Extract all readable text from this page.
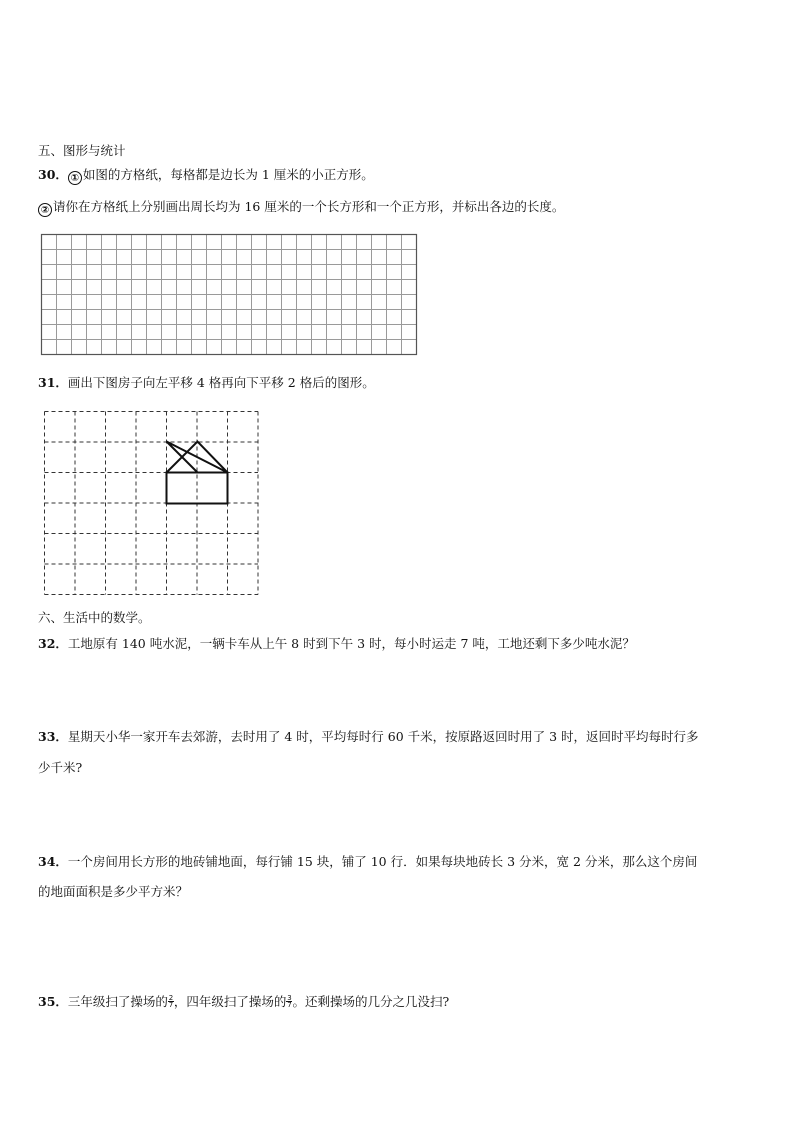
五、图形与统计
30． ① 如图的方格纸，每格都是边长为 1 厘米的小正方形。
② 请你在方格纸上分别画出周长均为 16 厘米的一个长方形和一个正方形，并标出各边的长度。
31．画出下图房子向左平移 4 格再向下平移 2 格后的图形。
六、生活中的数学。
32．工地原有 140 吨水泥，一辆卡车从上午 8 时到下午 3 时，每小时运走 7 吨，工地还剩下多少吨水泥？
33．星期天小华一家开车去郊游，去时用了 4 时，平均每时行 60 千米，按原路返回时用了 3 时，返回时平均每时行多
少千米?
34．一个房间用长方形的地砖铺地面，每行铺 15 块，铺了 10 行．如果每块地砖长 3 分米，宽 2 分米，那么这个房间
的地面面积是多少平方米？
35．三年级扫了操场的 $\frac{2}{7}$ ，四年级扫了操场的 $\frac{3}{7}$ 。还剩操场的几分之几没扫?
